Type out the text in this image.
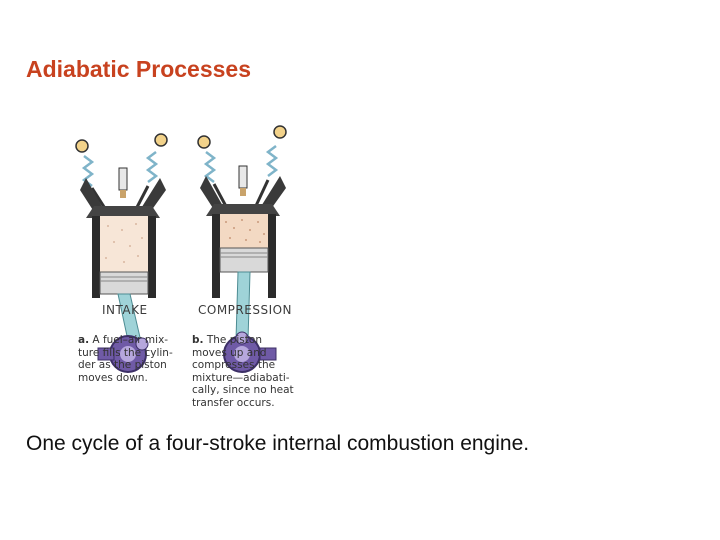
Adiabatic Processes
INTAKE	COMPRESSION
a. A fuel–air mix-
ture fills the cylin-
der as the piston
moves down.
b. The piston
moves up and
compresses the
mixture—adiabati-
cally, since no heat
transfer occurs.
One cycle of a four-stroke internal combustion engine.
